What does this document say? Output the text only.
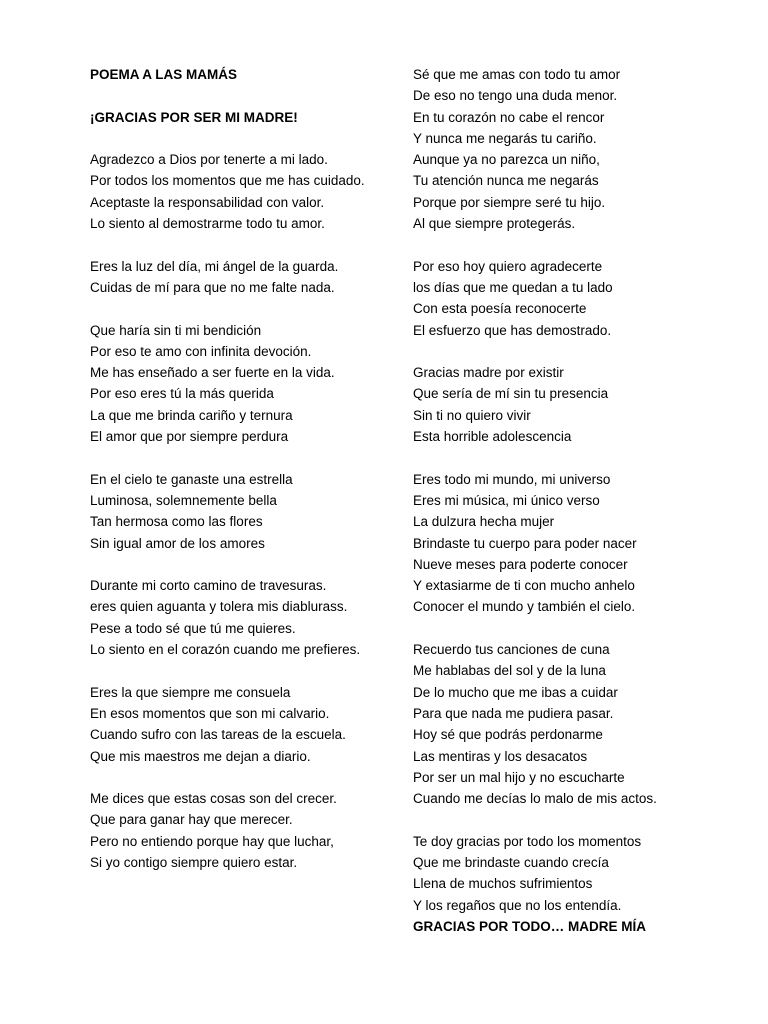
POEMA A LAS MAMÁS
¡GRACIAS POR SER MI MADRE!
Agradezco a Dios por tenerte a mi lado.
Por todos los momentos que me has cuidado.
Aceptaste la responsabilidad con valor.
Lo siento al demostrarme todo tu amor.
Eres la luz del día, mi ángel de la guarda.
Cuidas de mí para que no me falte nada.
Que haría sin ti mi bendición
Por eso te amo con infinita devoción.
Me has enseñado a ser fuerte en la vida.
Por eso eres tú la más querida
La que me brinda cariño y ternura
El amor que por siempre perdura
En el cielo te ganaste una estrella
Luminosa, solemnemente bella
Tan hermosa como las flores
Sin igual amor de los amores
Durante mi corto camino de travesuras.
eres quien aguanta y tolera mis diablurass.
Pese a todo sé que tú me quieres.
Lo siento en el corazón cuando me prefieres.
Eres la que siempre me consuela
En esos momentos que son mi calvario.
Cuando sufro con las tareas de la escuela.
Que mis maestros me dejan a diario.
Me dices que estas cosas son del crecer.
Que para ganar hay que merecer.
Pero no entiendo porque hay que luchar,
Si yo contigo siempre quiero estar.
Sé que me amas con todo tu amor
De eso no tengo una duda menor.
En tu corazón no cabe el rencor
Y nunca me negarás tu cariño.
Aunque ya no parezca un niño,
Tu atención nunca me negarás
Porque por siempre seré tu hijo.
Al que siempre protegerás.
Por eso hoy quiero agradecerte
los días que me quedan a tu lado
Con esta poesía reconocerte
El esfuerzo que has demostrado.
Gracias madre por existir
Que sería de mí sin tu presencia
Sin ti no quiero vivir
Esta horrible adolescencia
Eres todo mi mundo, mi universo
Eres mi música, mi único verso
La dulzura hecha mujer
Brindaste tu cuerpo para poder nacer
Nueve meses para poderte conocer
Y extasiarme de ti con mucho anhelo
Conocer el mundo y también el cielo.
Recuerdo tus canciones de cuna
Me hablabas del sol y de la luna
De lo mucho que me ibas a cuidar
Para que nada me pudiera pasar.
Hoy sé que podrás perdonarme
Las mentiras y los desacatos
Por ser un mal hijo y no escucharte
Cuando me decías lo malo de mis actos.
Te doy gracias por todo los momentos
Que me brindaste cuando crecía
Llena de muchos sufrimientos
Y los regaños que no los entendía.
GRACIAS POR TODO… MADRE MÍA
